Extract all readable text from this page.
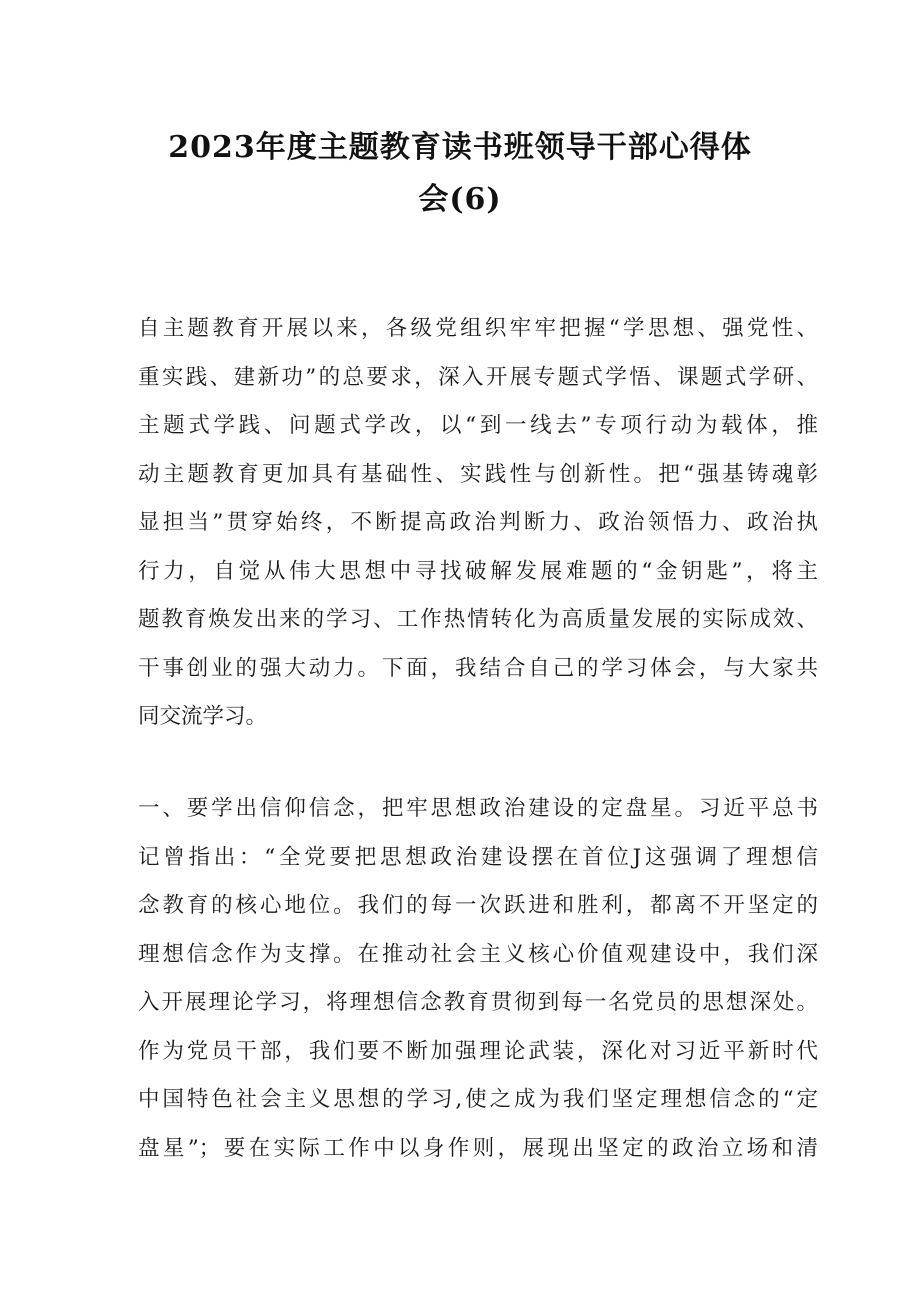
2023年度主题教育读书班领导干部心得体
会(6)
自主题教育开展以来，各级党组织牢牢把握“学思想、强党性、
重实践、建新功”的总要求，深入开展专题式学悟、课题式学研、
主题式学践、问题式学改，以“到一线去”专项行动为载体，推
动主题教育更加具有基础性、实践性与创新性。把“强基铸魂彰
显担当”贯穿始终，不断提高政治判断力、政治领悟力、政治执
行力，自觉从伟大思想中寻找破解发展难题的“金钥匙”，将主
题教育焕发出来的学习、工作热情转化为高质量发展的实际成效、
干事创业的强大动力。下面，我结合自己的学习体会，与大家共
同交流学习。
一、要学出信仰信念，把牢思想政治建设的定盘星。习近平总书
记曾指出：“全党要把思想政治建设摆在首位J这强调了理想信
念教育的核心地位。我们的每一次跃进和胜利，都离不开坚定的
理想信念作为支撑。在推动社会主义核心价值观建设中，我们深
入开展理论学习，将理想信念教育贯彻到每一名党员的思想深处。
作为党员干部，我们要不断加强理论武装，深化对习近平新时代
中国特色社会主义思想的学习,使之成为我们坚定理想信念的“定
盘星”；要在实际工作中以身作则，展现出坚定的政治立场和清
